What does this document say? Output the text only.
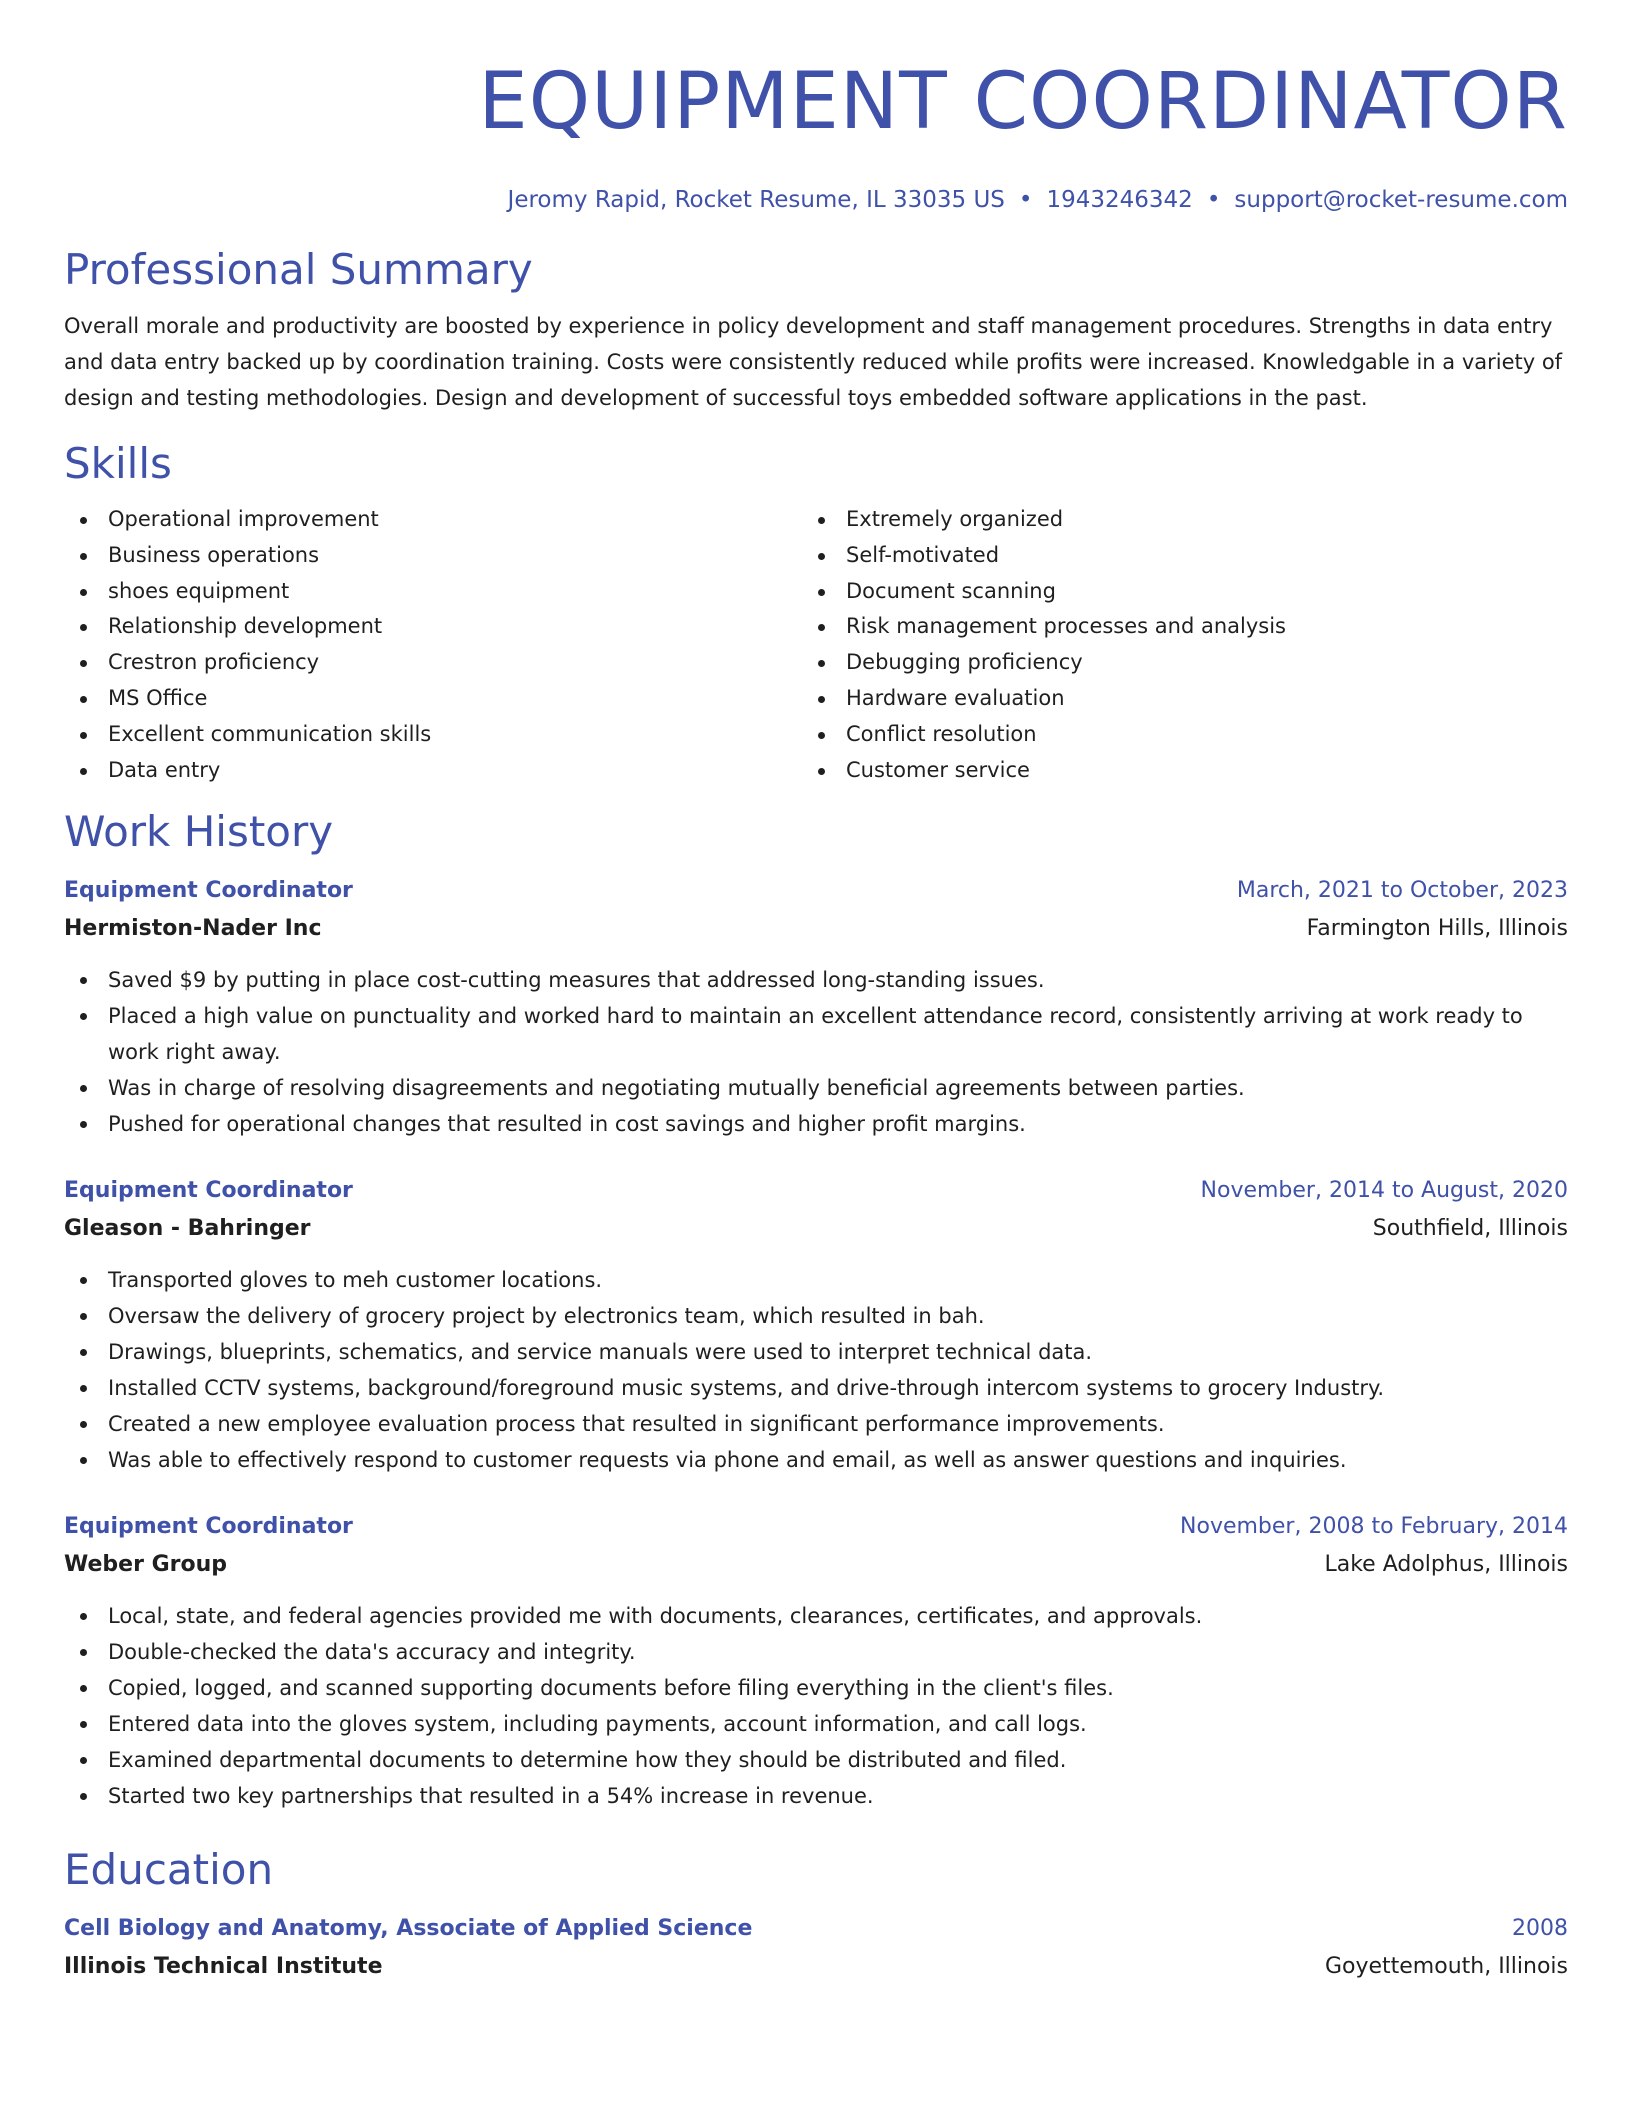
EQUIPMENT COORDINATOR
Jeromy Rapid, Rocket Resume, IL 33035 US • 1943246342 • support@rocket-resume.com
Professional Summary

Overall morale and productivity are boosted by experience in policy development and staff management procedures. Strengths in data entry and data entry backed up by coordination training. Costs were consistently reduced while profits were increased. Knowledgable in a variety of design and testing methodologies. Design and development of successful toys embedded software applications in the past.

Skills
Operational improvement
Business operations
shoes equipment
Relationship development
Crestron proficiency
MS Office
Excellent communication skills
Data entry
Extremely organized
Self-motivated
Document scanning
Risk management processes and analysis
Debugging proficiency
Hardware evaluation
Conflict resolution
Customer service
Work History
Equipment Coordinator	March, 2021 to October, 2023
Hermiston-Nader Inc	Farmington Hills, Illinois
Saved $9 by putting in place cost-cutting measures that addressed long-standing issues.
Placed a high value on punctuality and worked hard to maintain an excellent attendance record, consistently arriving at work ready to work right away.
Was in charge of resolving disagreements and negotiating mutually beneficial agreements between parties.
Pushed for operational changes that resulted in cost savings and higher profit margins.
Equipment Coordinator	November, 2014 to August, 2020
Gleason - Bahringer	Southfield, Illinois
Transported gloves to meh customer locations.
Oversaw the delivery of grocery project by electronics team, which resulted in bah.
Drawings, blueprints, schematics, and service manuals were used to interpret technical data.
Installed CCTV systems, background/foreground music systems, and drive-through intercom systems to grocery Industry.
Created a new employee evaluation process that resulted in significant performance improvements.
Was able to effectively respond to customer requests via phone and email, as well as answer questions and inquiries.
Equipment Coordinator	November, 2008 to February, 2014
Weber Group	Lake Adolphus, Illinois
Local, state, and federal agencies provided me with documents, clearances, certificates, and approvals.
Double-checked the data's accuracy and integrity.
Copied, logged, and scanned supporting documents before filing everything in the client's files.
Entered data into the gloves system, including payments, account information, and call logs.
Examined departmental documents to determine how they should be distributed and filed.
Started two key partnerships that resulted in a 54% increase in revenue.
Education
Cell Biology and Anatomy, Associate of Applied Science	2008
Illinois Technical Institute	Goyettemouth, Illinois
